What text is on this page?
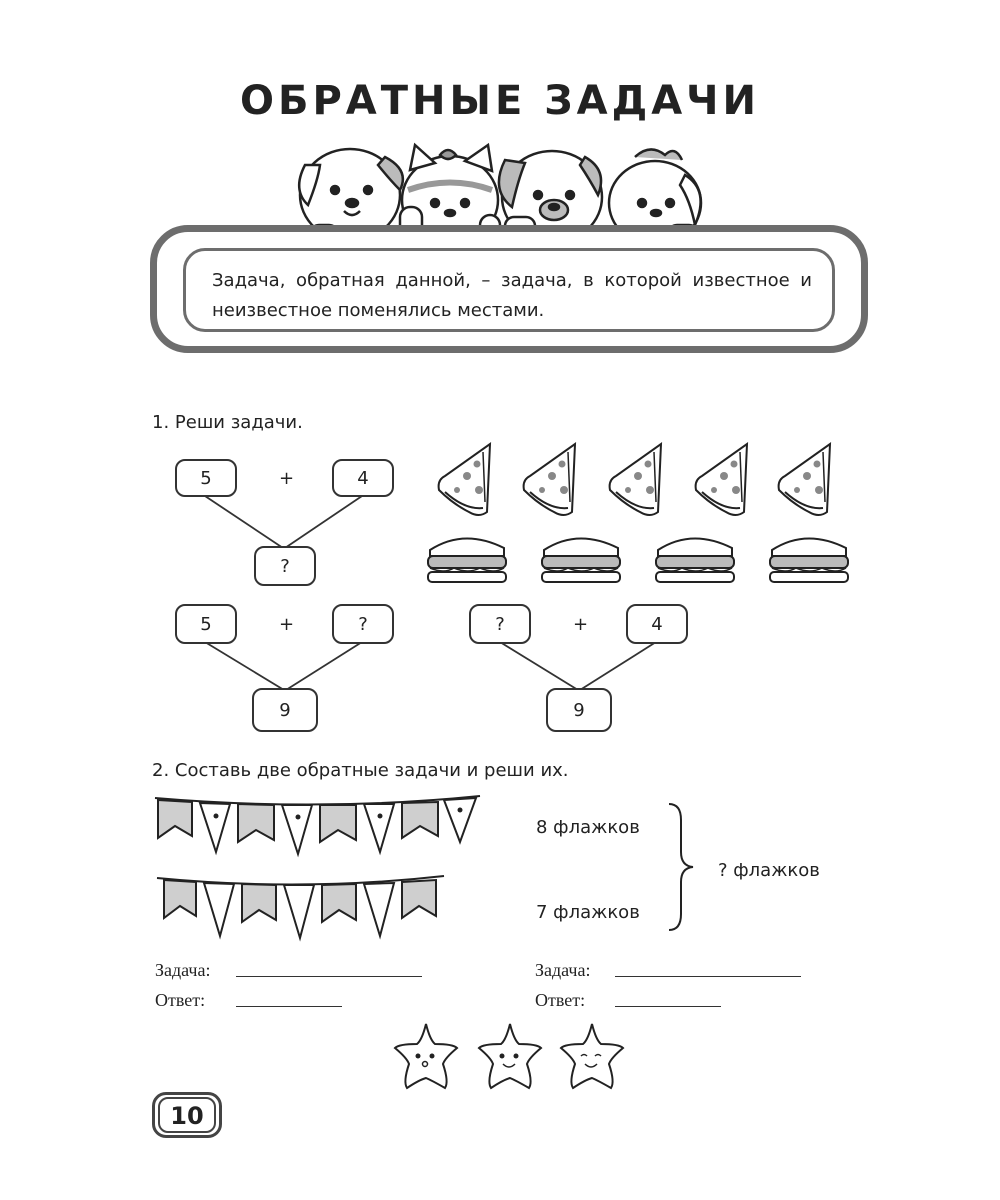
ОБРАТНЫЕ ЗАДАЧИ
Задача, обратная данной, – задача, в которой известное и неизвестное поменялись местами.
1. Реши задачи.
5	+	4
?
5	+	?
9
?	+	4
9
2. Составь две обратные задачи и реши их.
8 флажков
7 флажков
? флажков
Задача:
Ответ:
Задача:
Ответ:
10
